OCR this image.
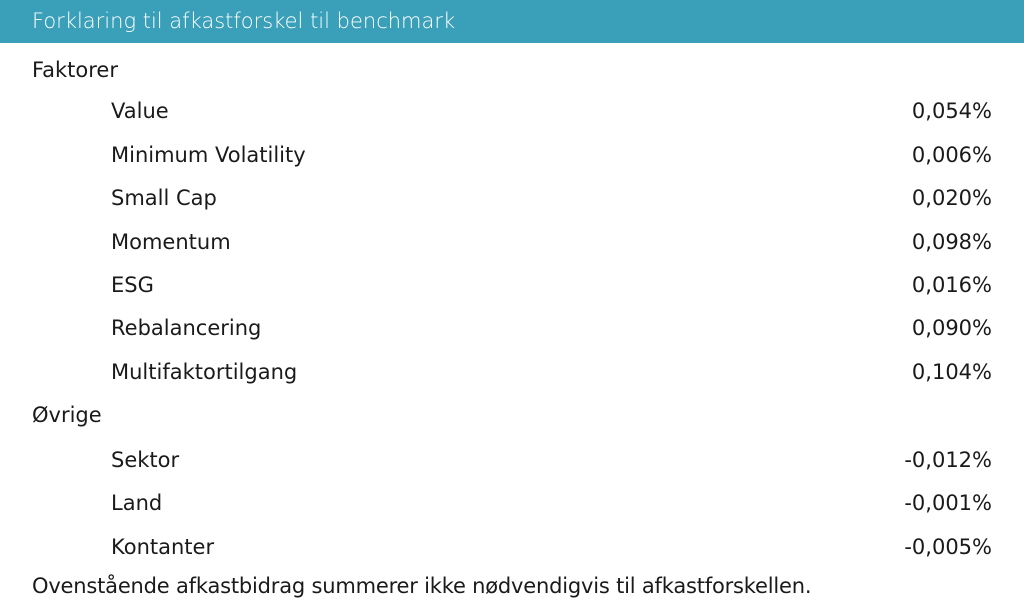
Forklaring til afkastforskel til benchmark
Faktorer
Value	0,054%
Minimum Volatility	0,006%
Small Cap	0,020%
Momentum	0,098%
ESG	0,016%
Rebalancering	0,090%
Multifaktortilgang	0,104%
Øvrige
Sektor	-0,012%
Land	-0,001%
Kontanter	-0,005%
Ovenstående afkastbidrag summerer ikke nødvendigvis til afkastforskellen.
